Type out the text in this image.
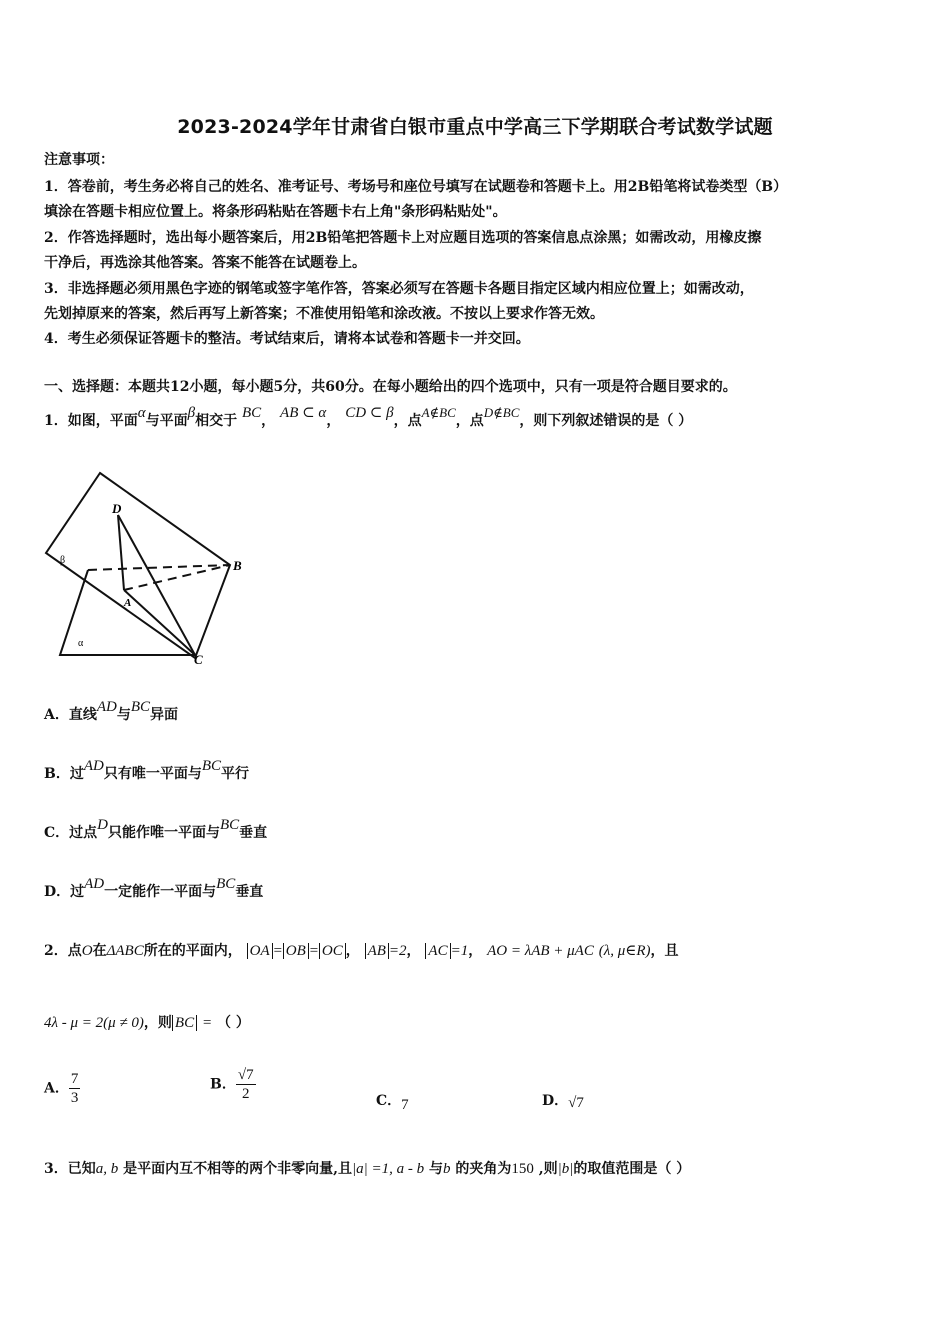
2023-2024学年甘肃省白银市重点中学高三下学期联合考试数学试题
注意事项：
1．答卷前，考生务必将自己的姓名、准考证号、考场号和座位号填写在试题卷和答题卡上。用2B铅笔将试卷类型（B）
填涂在答题卡相应位置上。将条形码粘贴在答题卡右上角"条形码粘贴处"。
2．作答选择题时，选出每小题答案后，用2B铅笔把答题卡上对应题目选项的答案信息点涂黑；如需改动，用橡皮擦
干净后，再选涂其他答案。答案不能答在试题卷上。
3．非选择题必须用黑色字迹的钢笔或签字笔作答，答案必须写在答题卡各题目指定区域内相应位置上；如需改动，
先划掉原来的答案，然后再写上新答案；不准使用铅笔和涂改液。不按以上要求作答无效。
4．考生必须保证答题卡的整洁。考试结束后，请将本试卷和答题卡一并交回。
一、选择题：本题共12小题，每小题5分，共60分。在每小题给出的四个选项中，只有一项是符合题目要求的。
1．如图，平面α与平面β相交于 BC， AB ⊂ α， CD ⊂ β，点A∉BC，点D∉BC，则下列叙述错误的是（ ）
D
B
A
C
β
α
A．直线AD与BC异面
B．过AD只有唯一平面与BC平行
C．过点D只能作唯一平面与BC垂直
D．过AD一定能作一平面与BC垂直
2．点O在ΔABC所在的平面内， OA = OB = OC ， AB =2， AC =1， AO = λAB + μAC (λ, μ∈R)，且
4λ - μ = 2(μ ≠ 0)，则 BC = （ ）
A． $\frac{7}{3}$	B． $\frac{√7}{2}$	C．7	D．√7
3．已知a, b 是平面内互不相等的两个非零向量,且|a| =1, a - b 与b 的夹角为150 ,则|b|的取值范围是（ ）
